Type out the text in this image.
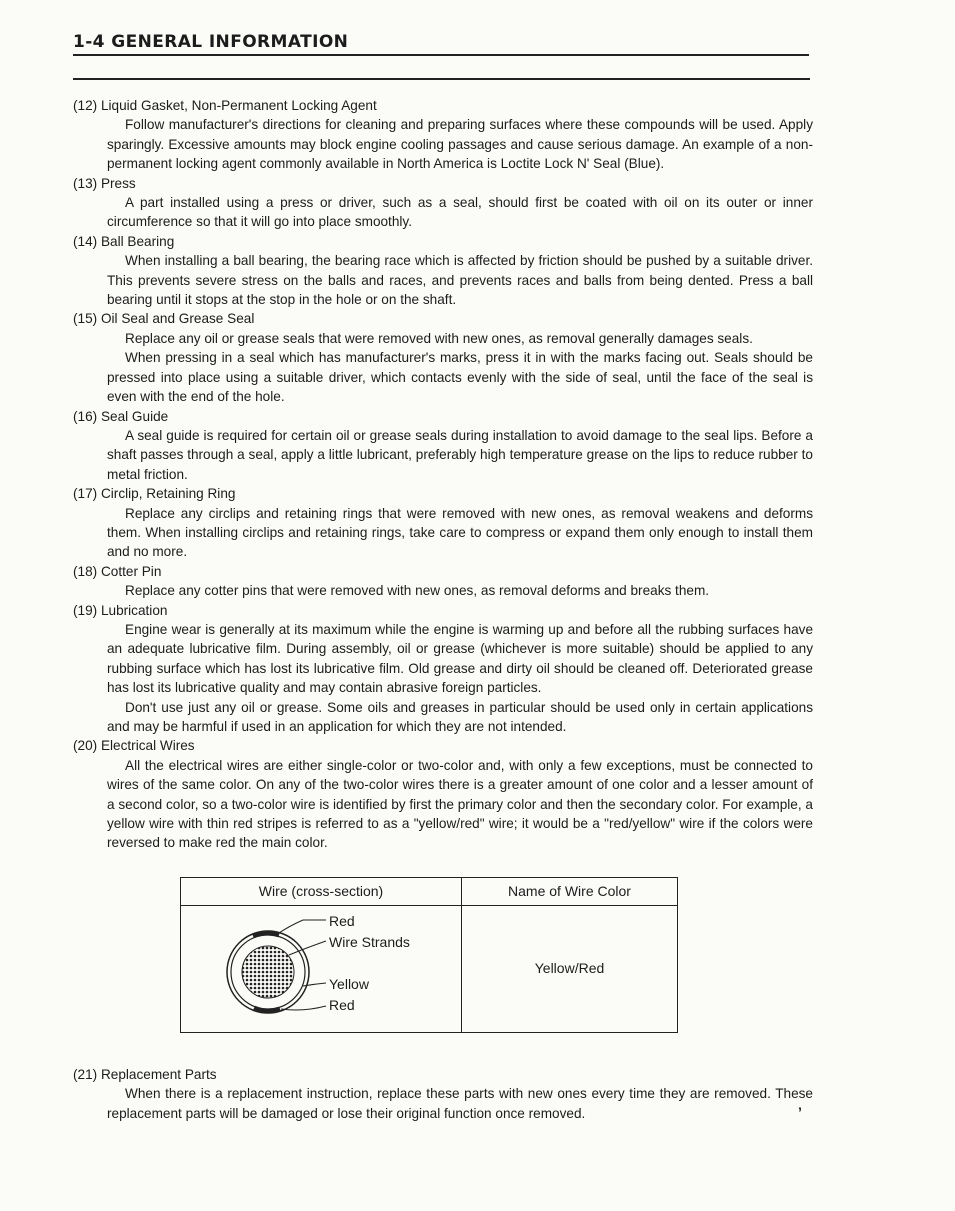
1-4 GENERAL INFORMATION
(12) Liquid Gasket, Non-Permanent Locking Agent
Follow manufacturer's directions for cleaning and preparing surfaces where these compounds will be used. Apply sparingly. Excessive amounts may block engine cooling passages and cause serious damage. An example of a non-permanent locking agent commonly available in North America is Loctite Lock N' Seal (Blue).
(13) Press
A part installed using a press or driver, such as a seal, should first be coated with oil on its outer or inner circumference so that it will go into place smoothly.
(14) Ball Bearing
When installing a ball bearing, the bearing race which is affected by friction should be pushed by a suitable driver. This prevents severe stress on the balls and races, and prevents races and balls from being dented. Press a ball bearing until it stops at the stop in the hole or on the shaft.
(15) Oil Seal and Grease Seal
Replace any oil or grease seals that were removed with new ones, as removal generally damages seals.
When pressing in a seal which has manufacturer's marks, press it in with the marks facing out. Seals should be pressed into place using a suitable driver, which contacts evenly with the side of seal, until the face of the seal is even with the end of the hole.
(16) Seal Guide
A seal guide is required for certain oil or grease seals during installation to avoid damage to the seal lips. Before a shaft passes through a seal, apply a little lubricant, preferably high temperature grease on the lips to reduce rubber to metal friction.
(17) Circlip, Retaining Ring
Replace any circlips and retaining rings that were removed with new ones, as removal weakens and deforms them. When installing circlips and retaining rings, take care to compress or expand them only enough to install them and no more.
(18) Cotter Pin
Replace any cotter pins that were removed with new ones, as removal deforms and breaks them.
(19) Lubrication
Engine wear is generally at its maximum while the engine is warming up and before all the rubbing surfaces have an adequate lubricative film. During assembly, oil or grease (whichever is more suitable) should be applied to any rubbing surface which has lost its lubricative film. Old grease and dirty oil should be cleaned off. Deteriorated grease has lost its lubricative quality and may contain abrasive foreign particles.
Don't use just any oil or grease. Some oils and greases in particular should be used only in certain applications and may be harmful if used in an application for which they are not intended.
(20) Electrical Wires
All the electrical wires are either single-color or two-color and, with only a few exceptions, must be connected to wires of the same color. On any of the two-color wires there is a greater amount of one color and a lesser amount of a second color, so a two-color wire is identified by first the primary color and then the secondary color. For example, a yellow wire with thin red stripes is referred to as a "yellow/red" wire; it would be a "red/yellow" wire if the colors were reversed to make red the main color.
Wire (cross-section)	Name of Wire Color

Red
Wire Strands
Yellow
Red	Yellow/Red
(21) Replacement Parts
When there is a replacement instruction, replace these parts with new ones every time they are removed. These replacement parts will be damaged or lose their original function once removed.	’
